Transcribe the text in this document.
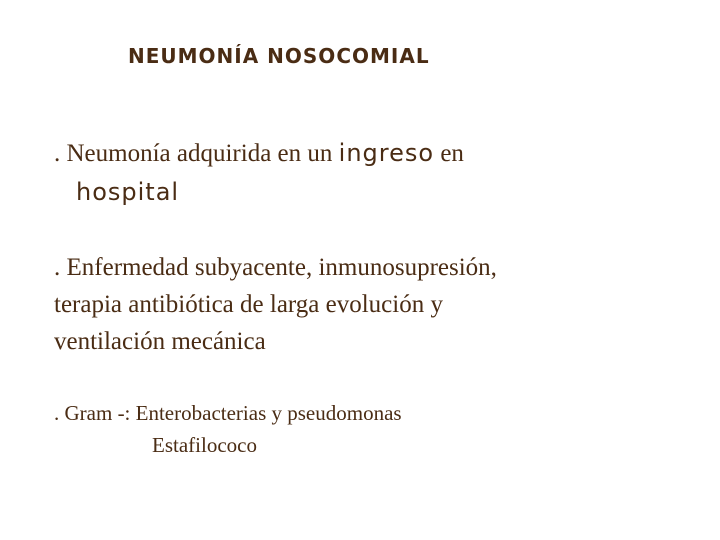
NEUMONÍA NOSOCOMIAL
. Neumonía adquirida en un ingreso en
hospital
. Enfermedad subyacente, inmunosupresión,
terapia antibiótica de larga evolución y
ventilación mecánica
. Gram -: Enterobacterias y pseudomonas
Estafilococo
